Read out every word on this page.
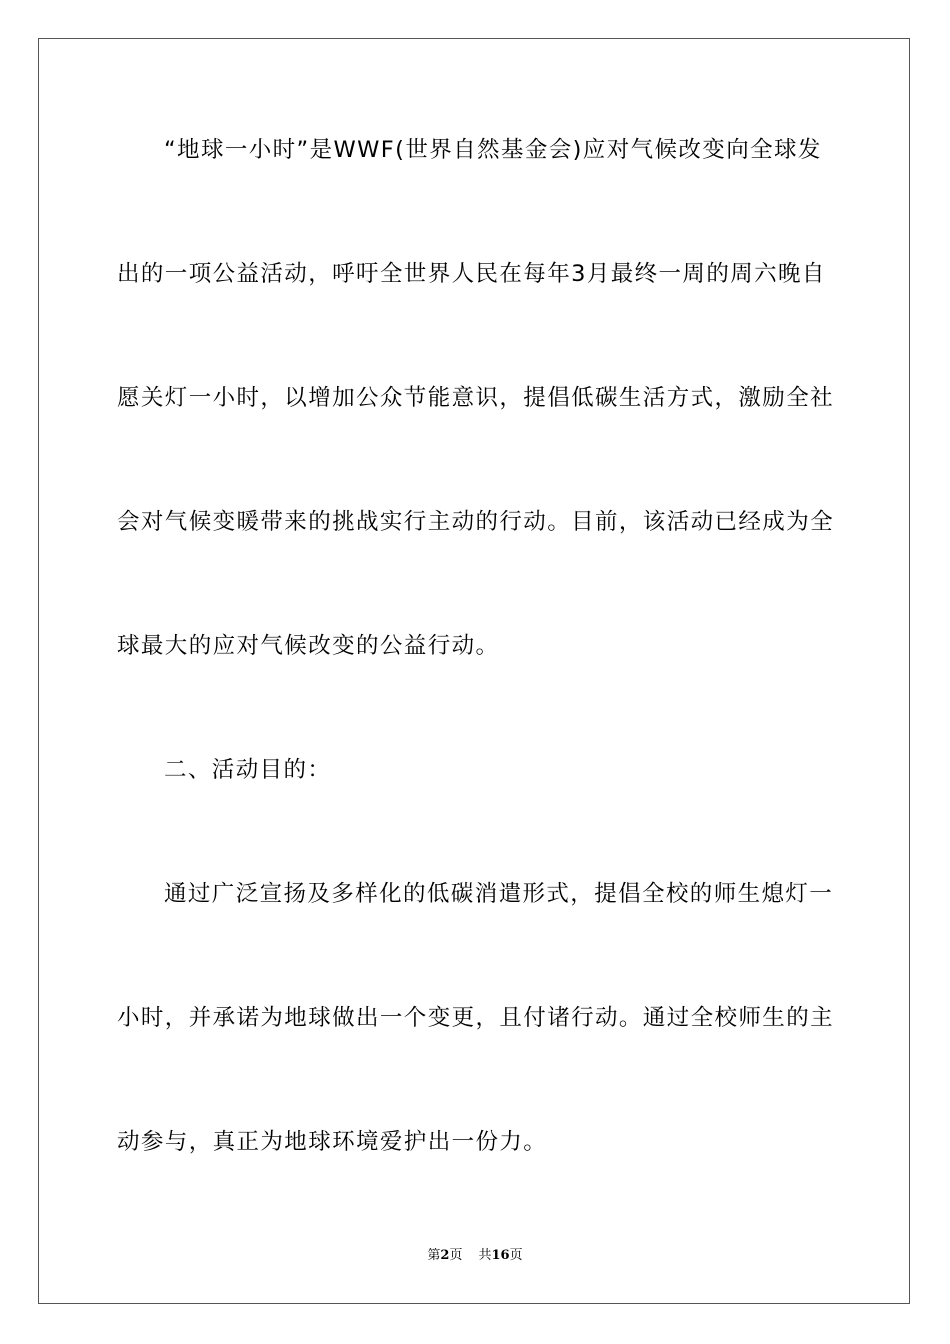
“地球一小时”是WWF(世界自然基金会)应对气候改变向全球发
出的一项公益活动，呼吁全世界人民在每年3月最终一周的周六晚自
愿关灯一小时，以增加公众节能意识，提倡低碳生活方式，激励全社
会对气候变暖带来的挑战实行主动的行动。目前，该活动已经成为全
球最大的应对气候改变的公益行动。
二、活动目的：
通过广泛宣扬及多样化的低碳消遣形式，提倡全校的师生熄灯一
小时，并承诺为地球做出一个变更，且付诸行动。通过全校师生的主
动参与，真正为地球环境爱护出一份力。
第2页 共16页
